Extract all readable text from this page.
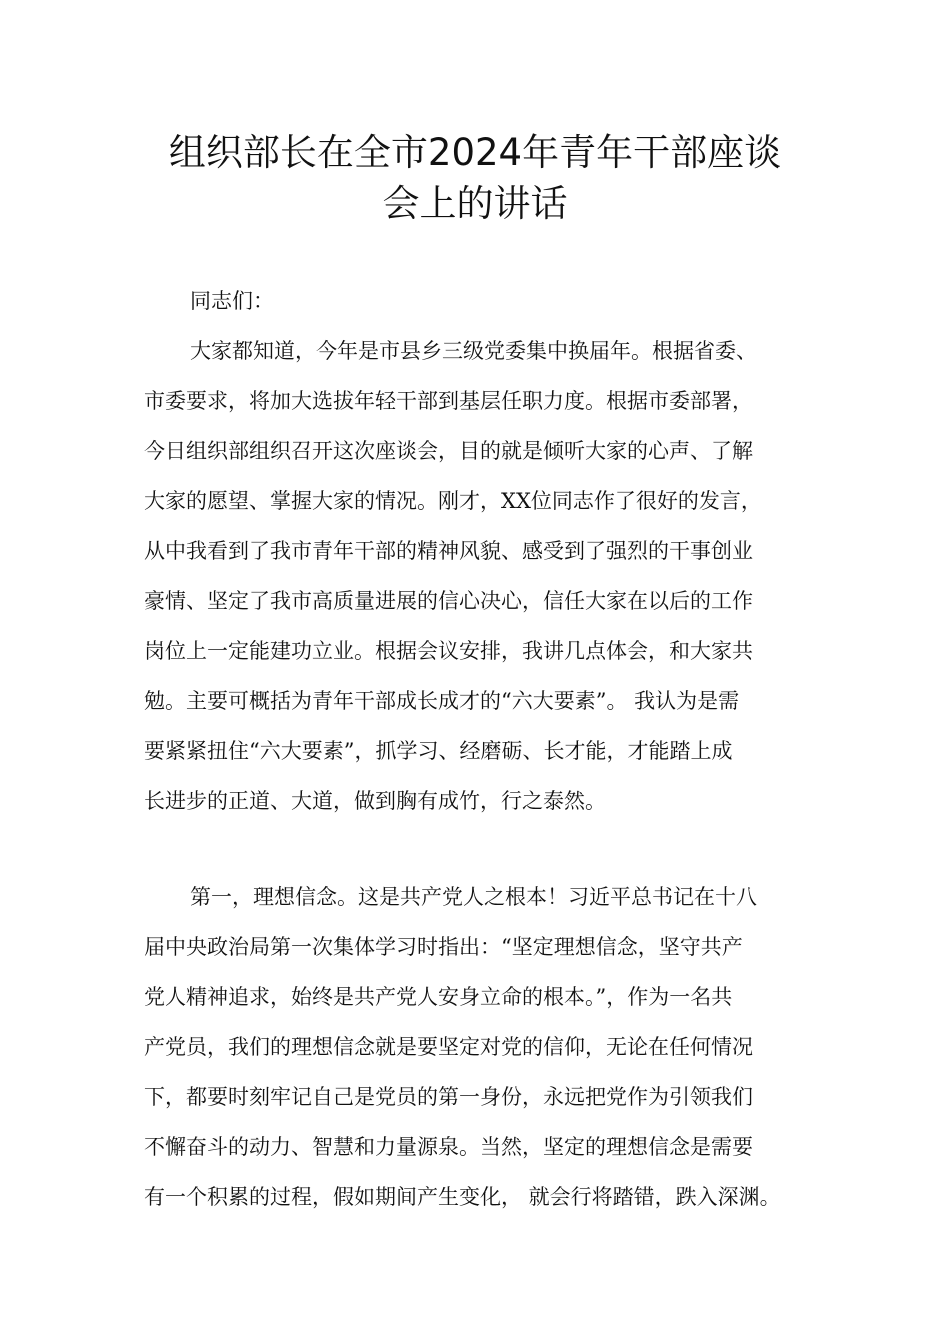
组织部长在全市2024年青年干部座谈
会上的讲话
同志们：
大家都知道，今年是市县乡三级党委集中换届年。根据省委、
市委要求，将加大选拔年轻干部到基层任职力度。根据市委部署，
今日组织部组织召开这次座谈会，目的就是倾听大家的心声、了解
大家的愿望、掌握大家的情况。刚才，XX位同志作了很好的发言，
从中我看到了我市青年干部的精神风貌、感受到了强烈的干事创业
豪情、坚定了我市高质量进展的信心决心，信任大家在以后的工作
岗位上一定能建功立业。根据会议安排，我讲几点体会，和大家共
勉。主要可概括为青年干部成长成才的“六大要素”。 我认为是需
要紧紧扭住“六大要素”，抓学习、经磨砺、长才能，才能踏上成
长进步的正道、大道，做到胸有成竹，行之泰然。
第一，理想信念。这是共产党人之根本！习近平总书记在十八
届中央政治局第一次集体学习时指出：“坚定理想信念，坚守共产
党人精神追求，始终是共产党人安身立命的根本。”，作为一名共
产党员，我们的理想信念就是要坚定对党的信仰，无论在任何情况
下，都要时刻牢记自己是党员的第一身份，永远把党作为引领我们
不懈奋斗的动力、智慧和力量源泉。当然，坚定的理想信念是需要
有一个积累的过程，假如期间产生变化， 就会行将踏错，跌入深渊。
